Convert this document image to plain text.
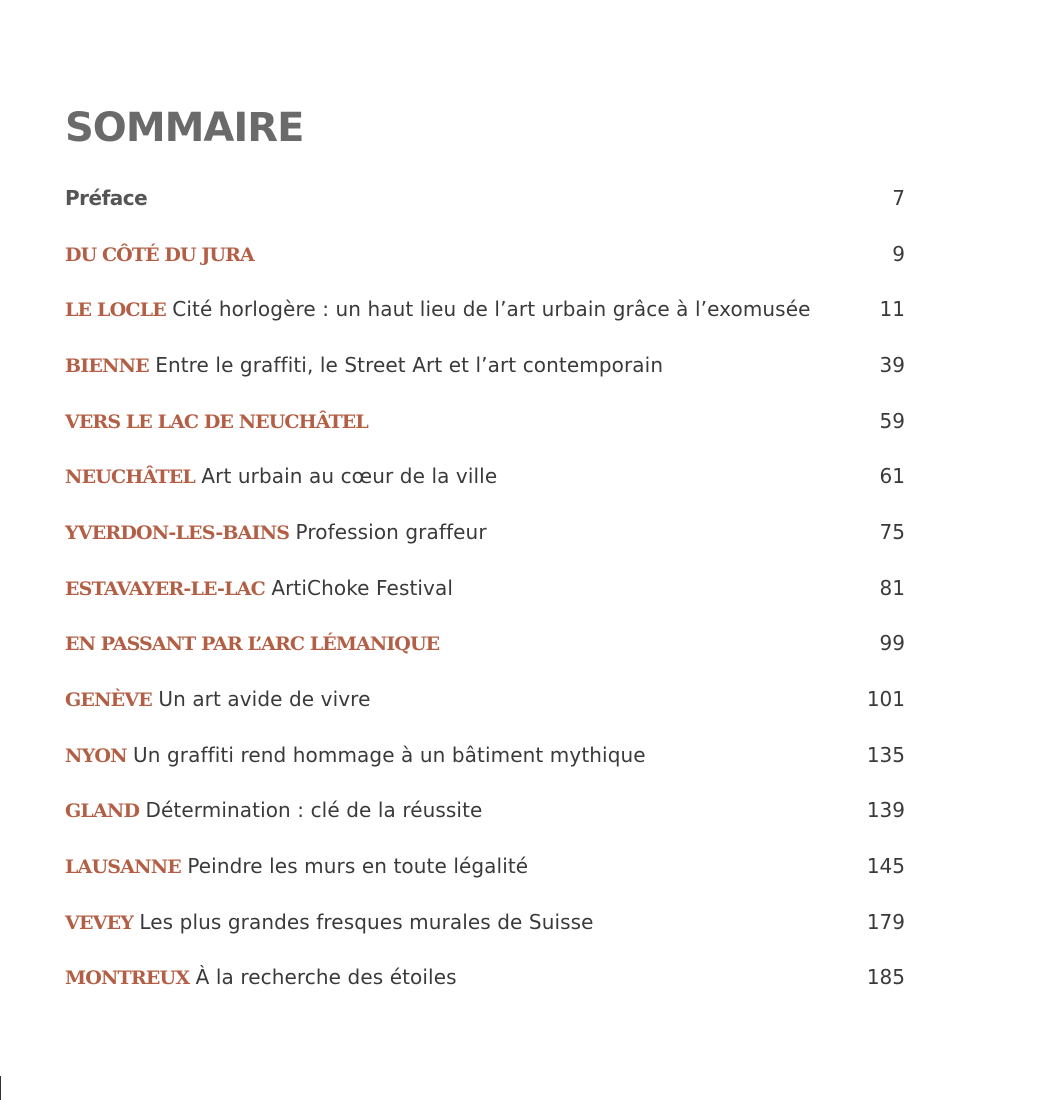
SOMMAIRE
Préface	7
DU CÔTÉ DU JURA	9
LE LOCLE Cité horlogère : un haut lieu de l’art urbain grâce à l’exomusée	11
BIENNE Entre le graffiti, le Street Art et l’art contemporain	39
VERS LE LAC DE NEUCHÂTEL	59
NEUCHÂTEL Art urbain au cœur de la ville	61
YVERDON-LES-BAINS Profession graffeur	75
ESTAVAYER-LE-LAC ArtiChoke Festival	81
EN PASSANT PAR L’ARC LÉMANIQUE	99
GENÈVE Un art avide de vivre	101
NYON Un graffiti rend hommage à un bâtiment mythique	135
GLAND Détermination : clé de la réussite	139
LAUSANNE Peindre les murs en toute légalité	145
VEVEY Les plus grandes fresques murales de Suisse	179
MONTREUX À la recherche des étoiles	185
